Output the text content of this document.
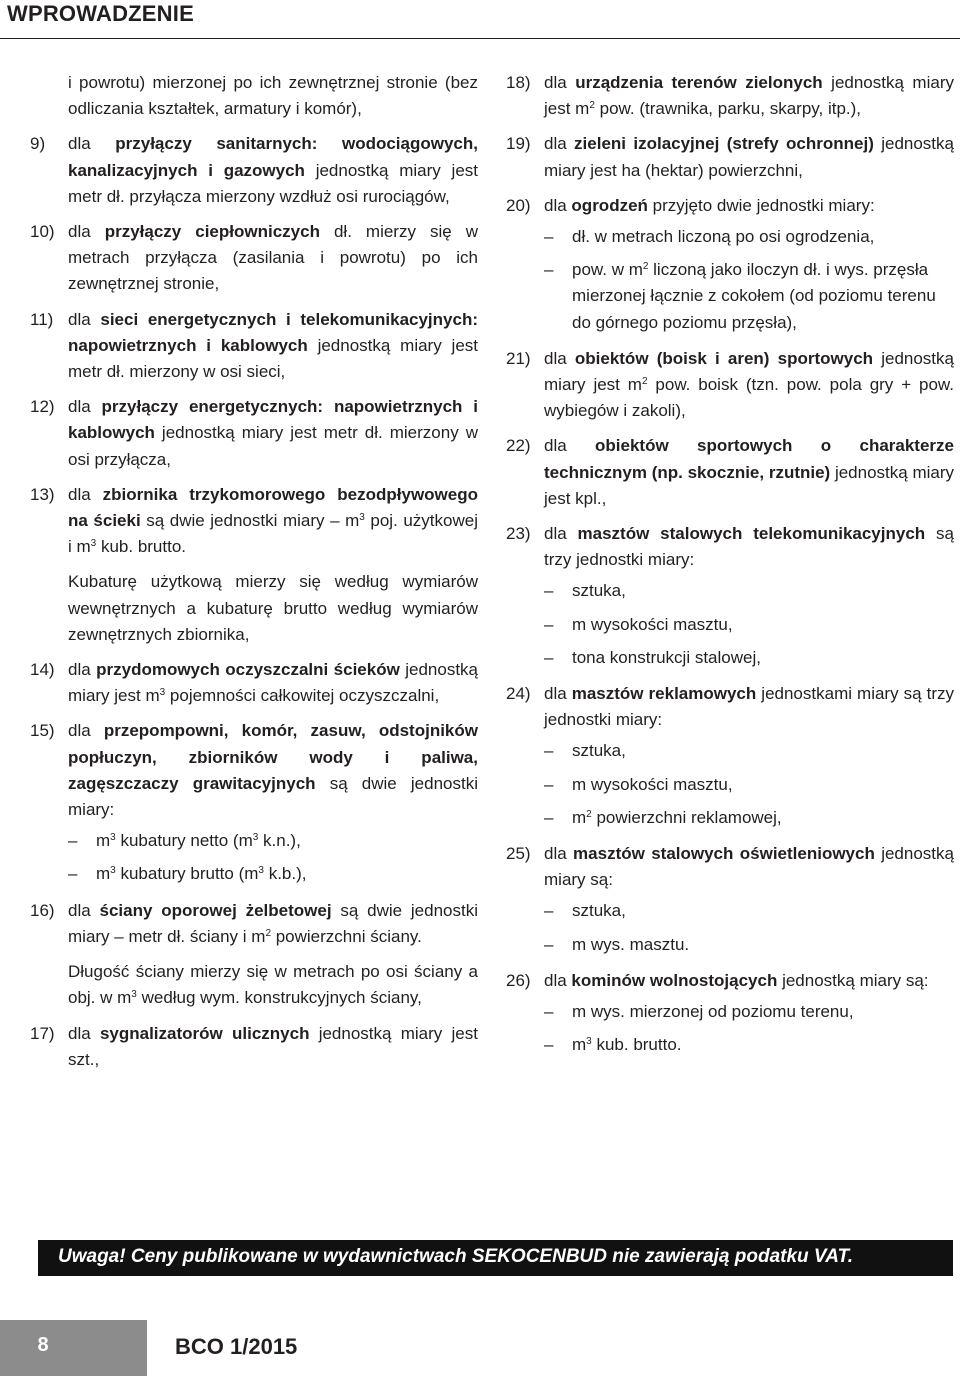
WPROWADZENIE
i powrotu) mierzonej po ich zewnętrznej stronie (bez odliczania kształtek, armatury i komór),
9)	dla przyłączy sanitarnych: wodociągowych, kanalizacyjnych i gazowych jednostką miary jest metr dł. przyłącza mierzony wzdłuż osi rurociągów,
10) dla przyłączy ciepłowniczych dł. mierzy się w metrach przyłącza (zasilania i powrotu) po ich zewnętrznej stronie,
11) dla sieci energetycznych i telekomunikacyjnych: napowietrznych i kablowych jednostką miary jest metr dł. mierzony w osi sieci,
12) dla przyłączy energetycznych: napowietrznych i kablowych jednostką miary jest metr dł. mierzony w osi przyłącza,
13) dla zbiornika trzykomorowego bezodpływowego na ścieki są dwie jednostki miary – $m^3$ poj. użytkowej i $m^3$ kub. brutto.
Kubaturę użytkową mierzy się według wymiarów wewnętrznych a kubaturę brutto według wymiarów zewnętrznych zbiornika,
14) dla przydomowych oczyszczalni ścieków jednostką miary jest $m^3$ pojemności całkowitej oczyszczalni,
15) dla przepompowni, komór, zasuw, odstojników popłuczyn, zbiorników wody i paliwa, zagęszczaczy grawitacyjnych są dwie jednostki miary:
–	$m^3$ kubatury netto ($m^3$ k.n.),
–	$m^3$ kubatury brutto ($m^3$ k.b.),
16) dla ściany oporowej żelbetowej są dwie jednostki miary – metr dł. ściany i $m^2$ powierzchni ściany.
Długość ściany mierzy się w metrach po osi ściany a obj. w $m^3$ według wym. konstrukcyjnych ściany,
17) dla sygnalizatorów ulicznych jednostką miary jest szt.,
18) dla urządzenia terenów zielonych jednostką miary jest $m^2$ pow. (trawnika, parku, skarpy, itp.),
19) dla zieleni izolacyjnej (strefy ochronnej) jednostką miary jest ha (hektar) powierzchni,
20) dla ogrodzeń przyjęto dwie jednostki miary:
–	dł. w metrach liczoną po osi ogrodzenia,
–	pow. w $m^2$ liczoną jako iloczyn dł. i wys. przęsła mierzonej łącznie z cokołem (od poziomu terenu do górnego poziomu przęsła),
21) dla obiektów (boisk i aren) sportowych jednostką miary jest $m^2$ pow. boisk (tzn. pow. pola gry + pow. wybiegów i zakoli),
22) dla obiektów sportowych o charakterze technicznym (np. skocznie, rzutnie) jednostką miary jest kpl.,
23) dla masztów stalowych telekomunikacyjnych są trzy jednostki miary:
–	sztuka,
–	m wysokości masztu,
–	tona konstrukcji stalowej,
24) dla masztów reklamowych jednostkami miary są trzy jednostki miary:
–	sztuka,
–	m wysokości masztu,
–	$m^2$ powierzchni reklamowej,
25) dla masztów stalowych oświetleniowych jednostką miary są:
–	sztuka,
–	m wys. masztu.
26) dla kominów wolnostojących jednostką miary są:
–	m wys. mierzonej od poziomu terenu,
–	$m^3$ kub. brutto.
Uwaga! Ceny publikowane w wydawnictwach SEKOCENBUD nie zawierają podatku VAT.
8	BCO 1/2015
